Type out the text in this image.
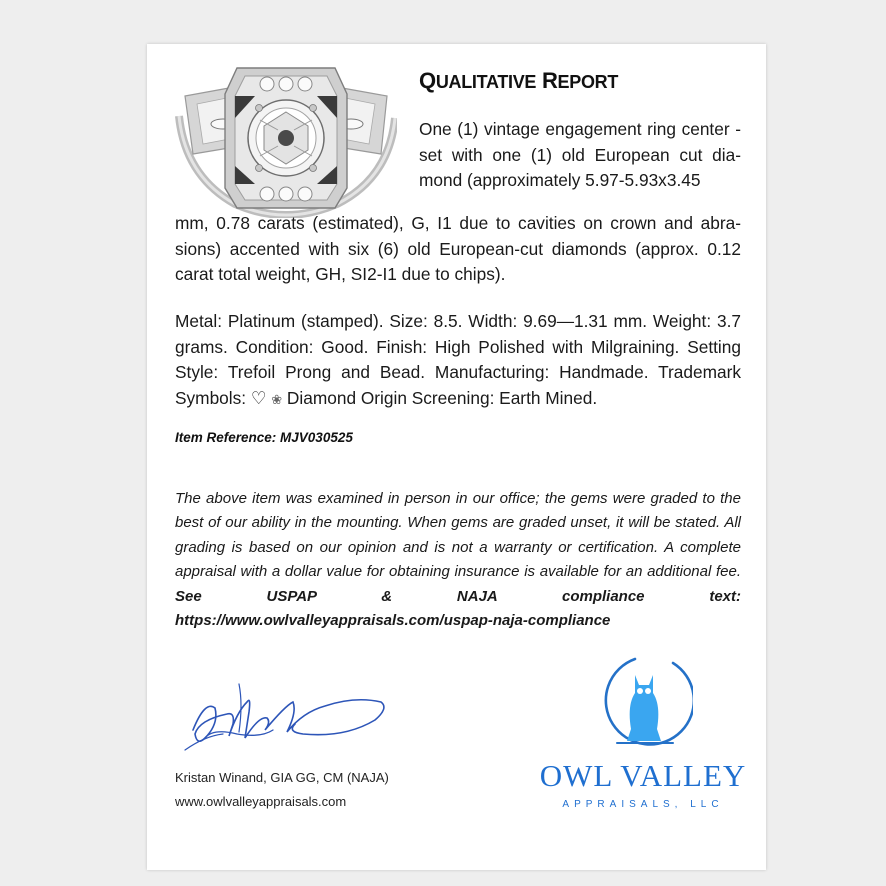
QUALITATIVE REPORT

One (1) vintage engagement ring center -set with one (1) old European cut diamond (approximately 5.97-5.93x3.45

mm, 0.78 carats (estimated), G, I1 due to cavities on crown and abrasions) accented with six (6) old European-cut diamonds (approx. 0.12 carat total weight, GH, SI2-I1 due to chips).

Metal: Platinum (stamped). Size: 8.5. Width: 9.69—1.31 mm. Weight: 3.7 grams. Condition: Good. Finish: High Polished with Milgraining. Setting Style: Trefoil Prong and Bead. Manufacturing: Handmade. Trademark Symbols: ♡ ❀ Diamond Origin Screening: Earth Mined.

Item Reference: MJV030525

The above item was examined in person in our office; the gems were graded to the best of our ability in the mounting. When gems are graded unset, it will be stated. All grading is based on our opinion and is not a warranty or certification. A complete appraisal with a dollar value for obtaining insurance is available for an additional fee. See USPAP & NAJA compliance text: https://www.owlvalleyappraisals.com/uspap-naja-compliance

Kristan Winand, GIA GG, CM (NAJA)
www.owlvalleyappraisals.com
OWL VALLEY
APPRAISALS, LLC
